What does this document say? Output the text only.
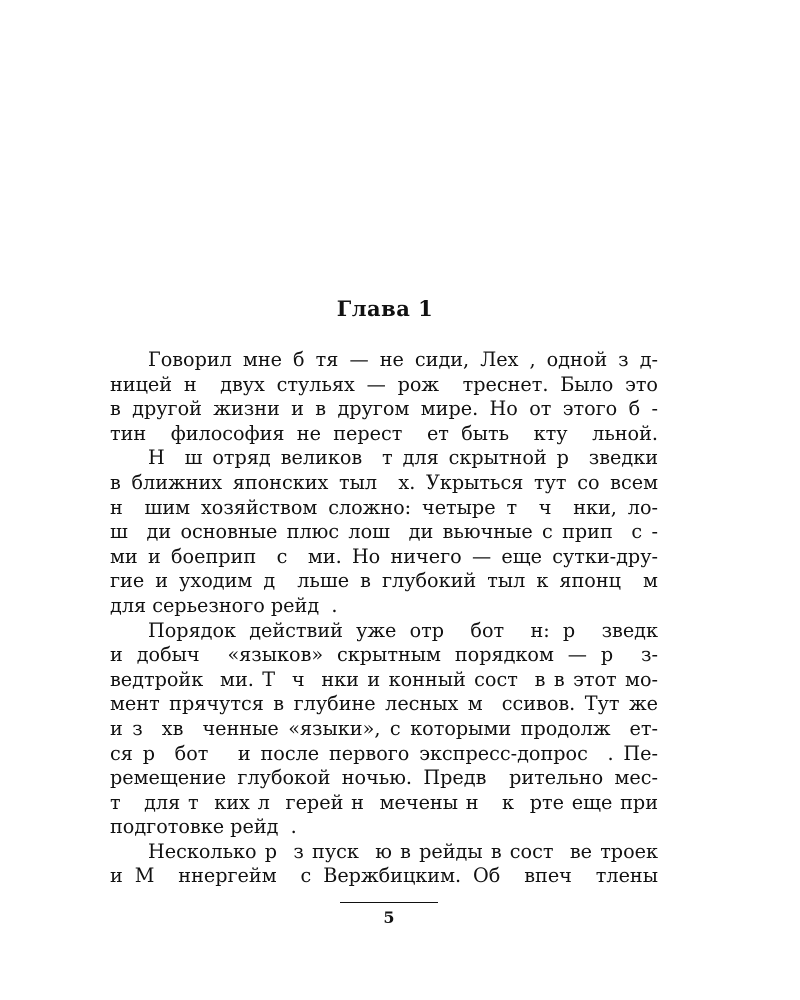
Глава 1
Говорил мне б тя — не сиди, Лех , одной з д-
ницей н  двух стульях — рож  треснет. Было это
в другой жизни и в другом мире. Но от этого б -
тин  философия не перест  ет быть  кту  льной.
Н  ш отряд великов  т для скрытной р  зведки
в ближних японских тыл  х. Укрыться тут со всем
н  шим хозяйством сложно: четыре т  ч  нки, ло-
ш  ди основные плюс лош  ди вьючные с прип  с -
ми и боеприп  с  ми. Но ничего — еще сутки-дру-
гие и уходим д  льше в глубокий тыл к японц  м
для серьезного рейд  .
Порядок действий уже отр  бот  н: р  зведк
и добыч  «языков» скрытным порядком — р  з-
ведтройк  ми. Т  ч  нки и конный сост  в в этот мо-
мент прячутся в глубине лесных м  ссивов. Тут же
и з  хв  ченные «языки», с которыми продолж  ет-
ся р  бот   и после первого экспресс-допрос  . Пе-
ремещение глубокой ночью. Предв  рительно мес-
т   для т  ких л  герей н  мечены н   к  рте еще при
подготовке рейд  .
Несколько р  з пуск  ю в рейды в сост  ве троек
и М  ннергейм  с Вержбицким. Об  впеч  тлены
5
